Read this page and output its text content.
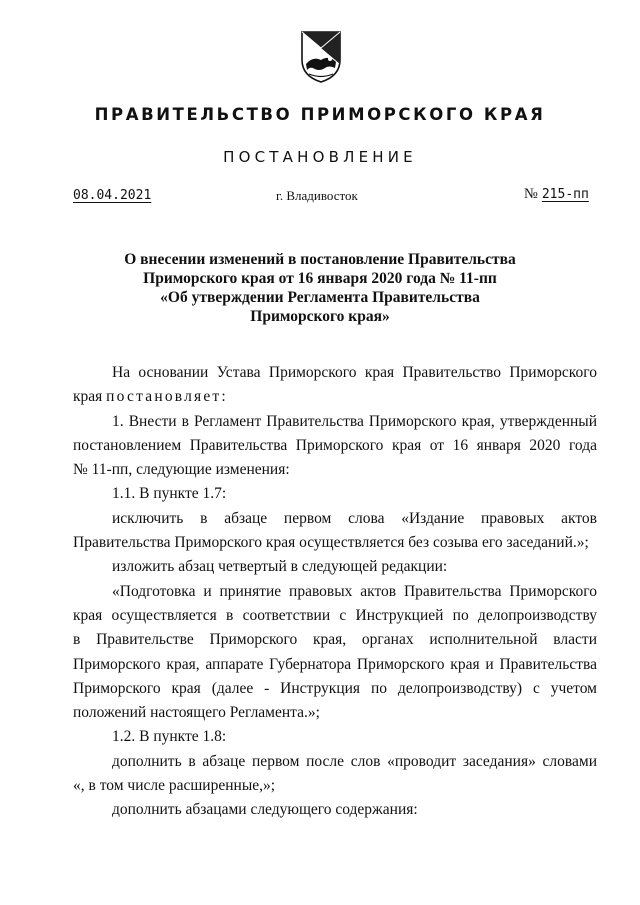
ПРАВИТЕЛЬСТВО ПРИМОРСКОГО КРАЯ
ПОСТАНОВЛЕНИЕ
08.04.2021	г. Владивосток	№ 215-пп
О внесении изменений в постановление Правительства
Приморского края от 16 января 2020 года № 11-пп
«Об утверждении Регламента Правительства
Приморского края»
На основании Устава Приморского края Правительство Приморского
края постановляет:
1. Внести в Регламент Правительства Приморского края, утвержденный
постановлением Правительства Приморского края от 16 января 2020 года
№ 11-пп, следующие изменения:
1.1. В пункте 1.7:
исключить в абзаце первом слова «Издание правовых актов
Правительства Приморского края осуществляется без созыва его заседаний.»;
изложить абзац четвертый в следующей редакции:
«Подготовка и принятие правовых актов Правительства Приморского
края осуществляется в соответствии с Инструкцией по делопроизводству
в Правительстве Приморского края, органах исполнительной власти
Приморского края, аппарате Губернатора Приморского края и Правительства
Приморского края (далее - Инструкция по делопроизводству) с учетом
положений настоящего Регламента.»;
1.2. В пункте 1.8:
дополнить в абзаце первом после слов «проводит заседания» словами
«, в том числе расширенные,»;
дополнить абзацами следующего содержания:
